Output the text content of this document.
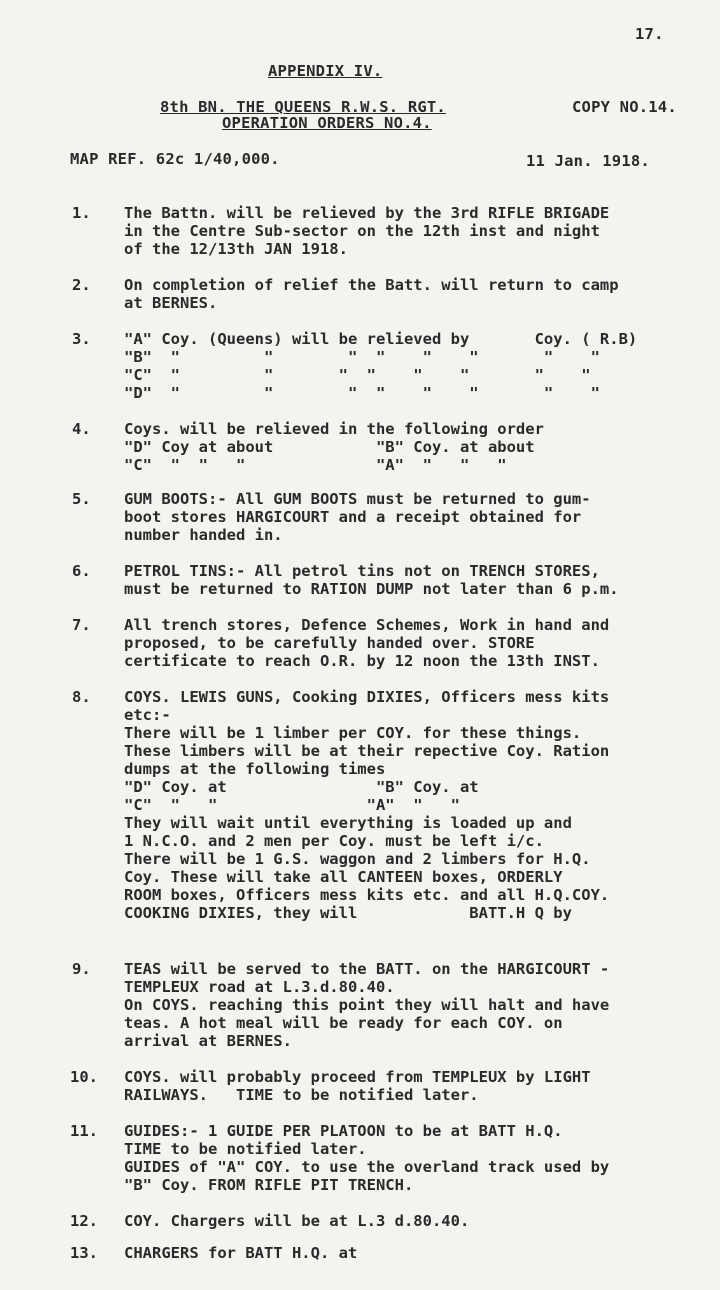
17.
APPENDIX IV.
8th BN. THE QUEENS R.W.S. RGT.	COPY NO.14.
OPERATION ORDERS NO.4.
MAP REF. 62c 1/40,000.	11 Jan. 1918.
1. The Battn. will be relieved by the 3rd RIFLE BRIGADE
in the Centre Sub-sector on the 12th inst and night
of the 12/13th JAN 1918.
2. On completion of relief the Batt. will return to camp
at BERNES.
3. "A" Coy. (Queens) will be relieved by       Coy. ( R.B)
"B"  "         "        "  "    "    "       "    "
"C"  "         "       "  "    "    "       "    "
"D"  "         "        "  "    "    "       "    "
4. Coys. will be relieved in the following order
"D" Coy at about           "B" Coy. at about
"C"  "  "   "              "A"  "   "   "
5. GUM BOOTS:- All GUM BOOTS must be returned to gum-
boot stores HARGICOURT and a receipt obtained for
number handed in.
6. PETROL TINS:- All petrol tins not on TRENCH STORES,
must be returned to RATION DUMP not later than 6 p.m.
7. All trench stores, Defence Schemes, Work in hand and
proposed, to be carefully handed over. STORE
certificate to reach O.R. by 12 noon the 13th INST.
8. COYS. LEWIS GUNS, Cooking DIXIES, Officers mess kits
etc:-
There will be 1 limber per COY. for these things.
These limbers will be at their repective Coy. Ration
dumps at the following times
"D" Coy. at                "B" Coy. at
"C"  "   "                "A"  "   "
They will wait until everything is loaded up and
1 N.C.O. and 2 men per Coy. must be left i/c.
There will be 1 G.S. waggon and 2 limbers for H.Q.
Coy. These will take all CANTEEN boxes, ORDERLY
ROOM boxes, Officers mess kits etc. and all H.Q.COY.
COOKING DIXIES, they will            BATT.H Q by
9. TEAS will be served to the BATT. on the HARGICOURT -
TEMPLEUX road at L.3.d.80.40.
On COYS. reaching this point they will halt and have
teas. A hot meal will be ready for each COY. on
arrival at BERNES.
10. COYS. will probably proceed from TEMPLEUX by LIGHT
RAILWAYS.   TIME to be notified later.
11. GUIDES:- 1 GUIDE PER PLATOON to be at BATT H.Q.
TIME to be notified later.
GUIDES of "A" COY. to use the overland track used by
"B" Coy. FROM RIFLE PIT TRENCH.
12. COY. Chargers will be at L.3 d.80.40.
13. CHARGERS for BATT H.Q. at
